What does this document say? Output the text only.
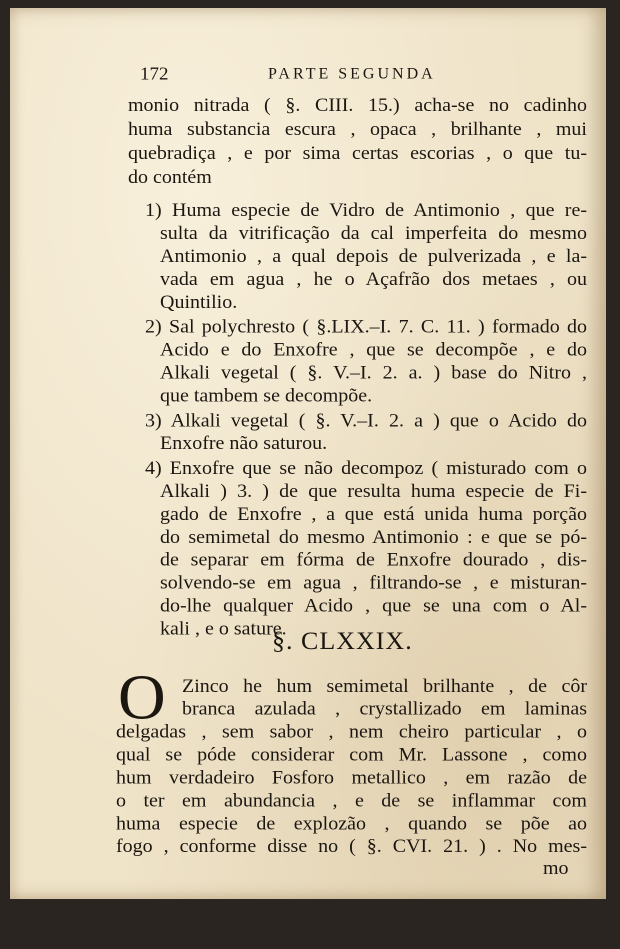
172	PARTE SEGUNDA
monio nitrada ( §. CIII. 15.) acha-se no cadinho
huma substancia escura , opaca , brilhante , mui
quebradiça , e por sima certas escorias , o que tu-
do contém
1) Huma especie de Vidro de Antimonio , que re-
sulta da vitrificação da cal imperfeita do mesmo
Antimonio , a qual depois de pulverizada , e la-
vada em agua , he o Açafrão dos metaes , ou
Quintilio.
2) Sal polychresto ( §.LIX.–I. 7. C. 11. ) formado do
Acido e do Enxofre , que se decompõe , e do
Alkali vegetal ( §. V.–I. 2. a. ) base do Nitro ,
que tambem se decompõe.
3) Alkali vegetal ( §. V.–I. 2. a ) que o Acido do
Enxofre não saturou.
4) Enxofre que se não decompoz ( misturado com o
Alkali ) 3. ) de que resulta huma especie de Fi-
gado de Enxofre , a que está unida huma porção
do semimetal do mesmo Antimonio : e que se pó-
de separar em fórma de Enxofre dourado , dis-
§. CLXXIX.
O Zinco he hum semimetal brilhante , de côr
branca azulada , crystallizado em laminas
delgadas , sem sabor , nem cheiro particular , o
qual se póde considerar com Mr. Lassone , como
hum verdadeiro Fosforo metallico , em razão de
o ter em abundancia , e de se inflammar com
huma especie de explozão , quando se põe ao
fogo , conforme disse no ( §. CVI. 21. ) . No mes-
mo
solvendo-se em agua , filtrando-se , e misturan-
do-lhe qualquer Acido , que se una com o Al-
kali , e o sature.
